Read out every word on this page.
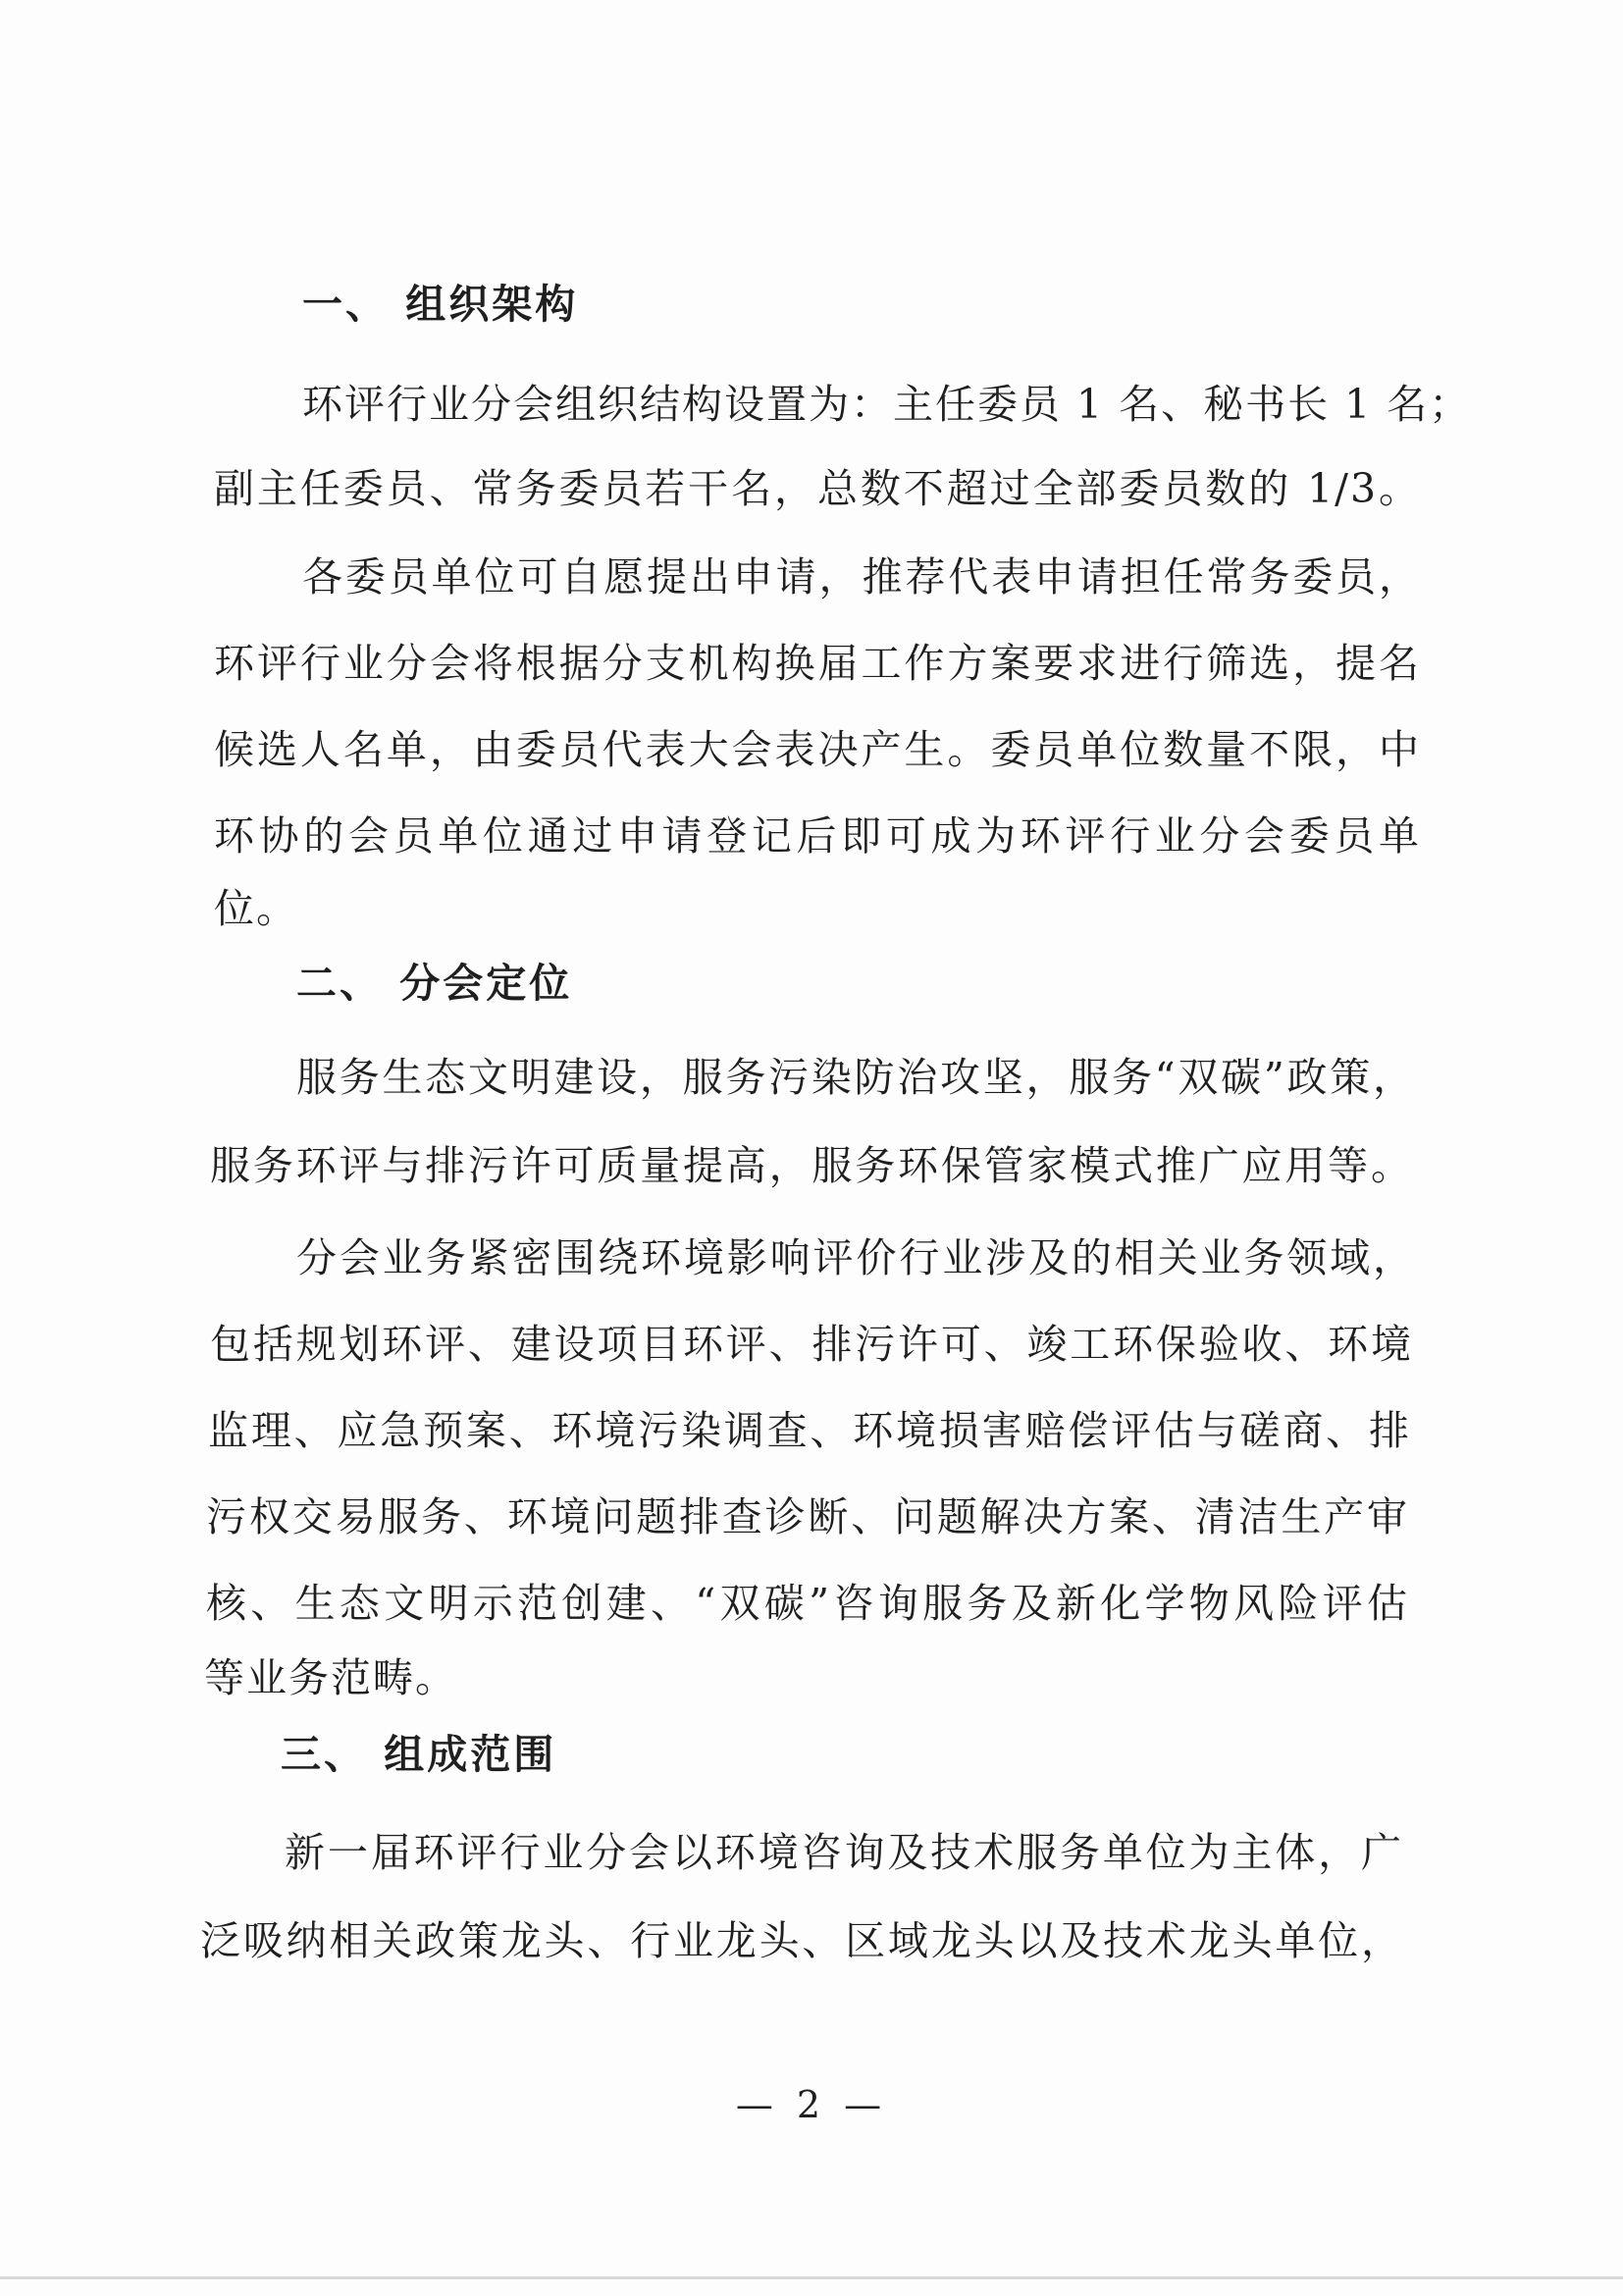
一、 组织架构
环评行业分会组织结构设置为：主任委员 1 名、秘书长 1 名；
副主任委员、常务委员若干名，总数不超过全部委员数的 1/3。
各委员单位可自愿提出申请，推荐代表申请担任常务委员，
环评行业分会将根据分支机构换届工作方案要求进行筛选，提名
候选人名单，由委员代表大会表决产生。委员单位数量不限，中
环协的会员单位通过申请登记后即可成为环评行业分会委员单
位。
二、 分会定位
服务生态文明建设，服务污染防治攻坚，服务“双碳”政策，
服务环评与排污许可质量提高，服务环保管家模式推广应用等。
分会业务紧密围绕环境影响评价行业涉及的相关业务领域，
包括规划环评、建设项目环评、排污许可、竣工环保验收、环境
监理、应急预案、环境污染调查、环境损害赔偿评估与磋商、排
污权交易服务、环境问题排查诊断、问题解决方案、清洁生产审
核、生态文明示范创建、“双碳”咨询服务及新化学物风险评估
等业务范畴。
三、 组成范围
新一届环评行业分会以环境咨询及技术服务单位为主体，广
泛吸纳相关政策龙头、行业龙头、区域龙头以及技术龙头单位，
— 2 —
